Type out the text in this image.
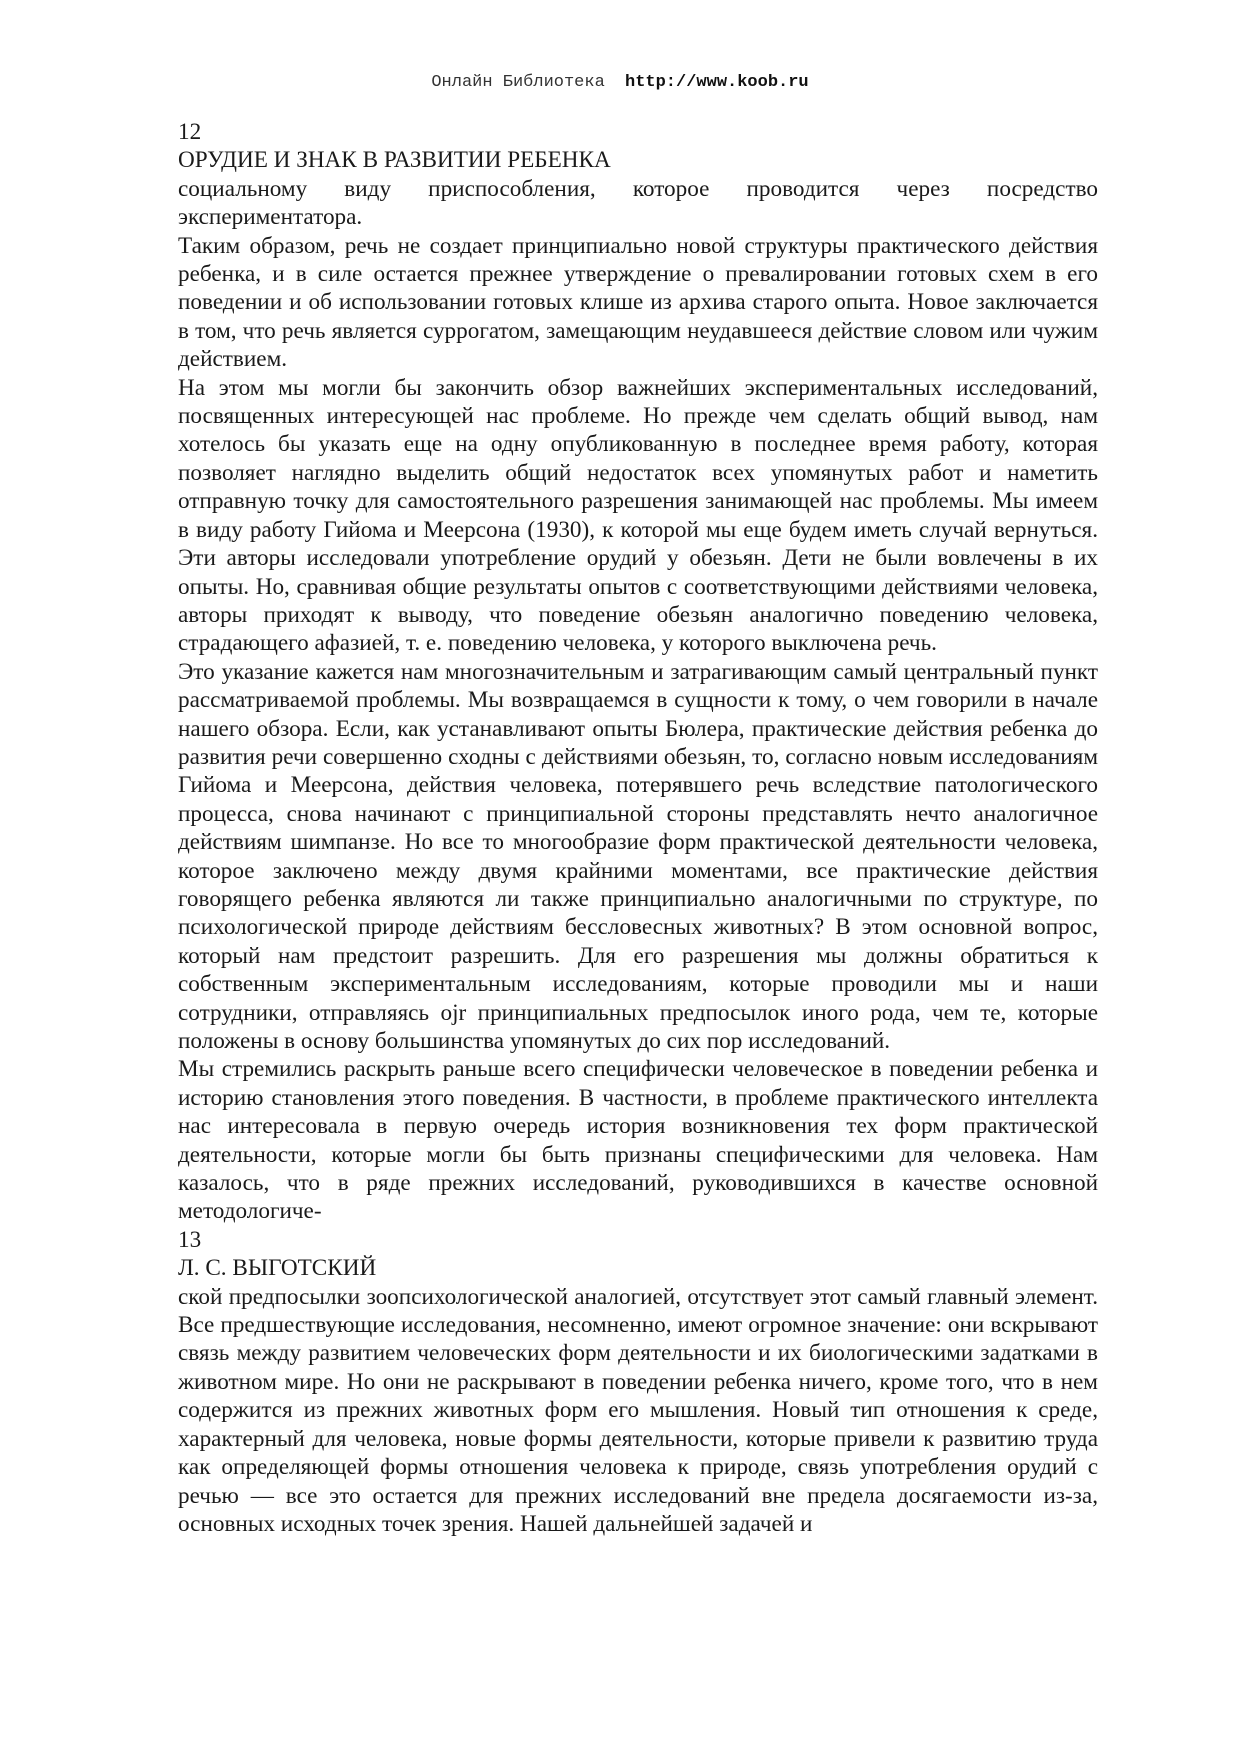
Онлайн Библиотека http://www.koob.ru
12
ОРУДИЕ И ЗНАК В РАЗВИТИИ РЕБЕНКА

социальному виду приспособления, которое проводится через посредство экспериментатора.

Таким образом, речь не создает принципиально новой структуры практического действия ребенка, и в силе остается прежнее утверждение о превалировании готовых схем в его поведении и об использовании готовых клише из архива старого опыта. Новое заключается в том, что речь является суррогатом, замещающим неудавшееся действие словом или чужим действием.

На этом мы могли бы закончить обзор важнейших экспериментальных исследований, посвященных интересующей нас проблеме. Но прежде чем сделать общий вывод, нам хотелось бы указать еще на одну опубликованную в последнее время работу, которая позволяет наглядно выделить общий недостаток всех упомянутых работ и наметить отправную точку для самостоятельного разрешения занимающей нас проблемы. Мы имеем в виду работу Гийома и Меерсона (1930), к которой мы еще будем иметь случай вернуться. Эти авторы исследовали употребление орудий у обезьян. Дети не были вовлечены в их опыты. Но, сравнивая общие результаты опытов с соответствующими действиями человека, авторы приходят к выводу, что поведение обезьян аналогично поведению человека, страдающего афазией, т. е. поведению человека, у которого выключена речь.

Это указание кажется нам многозначительным и затрагивающим самый центральный пункт рассматриваемой проблемы. Мы возвращаемся в сущности к тому, о чем говорили в начале нашего обзора. Если, как устанавливают опыты Бюлера, практические действия ребенка до развития речи совершенно сходны с действиями обезьян, то, согласно новым исследованиям Гийома и Меерсона, действия человека, потерявшего речь вследствие патологического процесса, снова начинают с принципиальной стороны представлять нечто аналогичное действиям шимпанзе. Но все то многообразие форм практической деятельности человека, которое заключено между двумя крайними моментами, все практические действия говорящего ребенка являются ли также принципиально аналогичными по структуре, по психологической природе действиям бессловесных животных? В этом основной вопрос, который нам предстоит разрешить. Для его разрешения мы должны обратиться к собственным экспериментальным исследованиям, которые проводили мы и наши сотрудники, отправляясь ojr принципиальных предпосылок иного рода, чем те, которые положены в основу большинства упомянутых до сих пор исследований.

Мы стремились раскрыть раньше всего специфически человеческое в поведении ребенка и историю становления этого поведения. В частности, в проблеме практического интеллекта нас интересовала в первую очередь история возникновения тех форм практической деятельности, которые могли бы быть признаны специфическими для человека. Нам казалось, что в ряде прежних исследований, руководившихся в качестве основной методологиче-

13
Л. С. ВЫГОТСКИЙ

ской предпосылки зоопсихологической аналогией, отсутствует этот самый главный элемент. Все предшествующие исследования, несомненно, имеют огромное значение: они вскрывают связь между развитием человеческих форм деятельности и их биологическими задатками в животном мире. Но они не раскрывают в поведении ребенка ничего, кроме того, что в нем содержится из прежних животных форм его мышления. Новый тип отношения к среде, характерный для человека, новые формы деятельности, которые привели к развитию труда как определяющей формы отношения человека к природе, связь употребления орудий с речью — все это остается для прежних исследований вне предела досягаемости из-за, основных исходных точек зрения. Нашей дальнейшей задачей и
